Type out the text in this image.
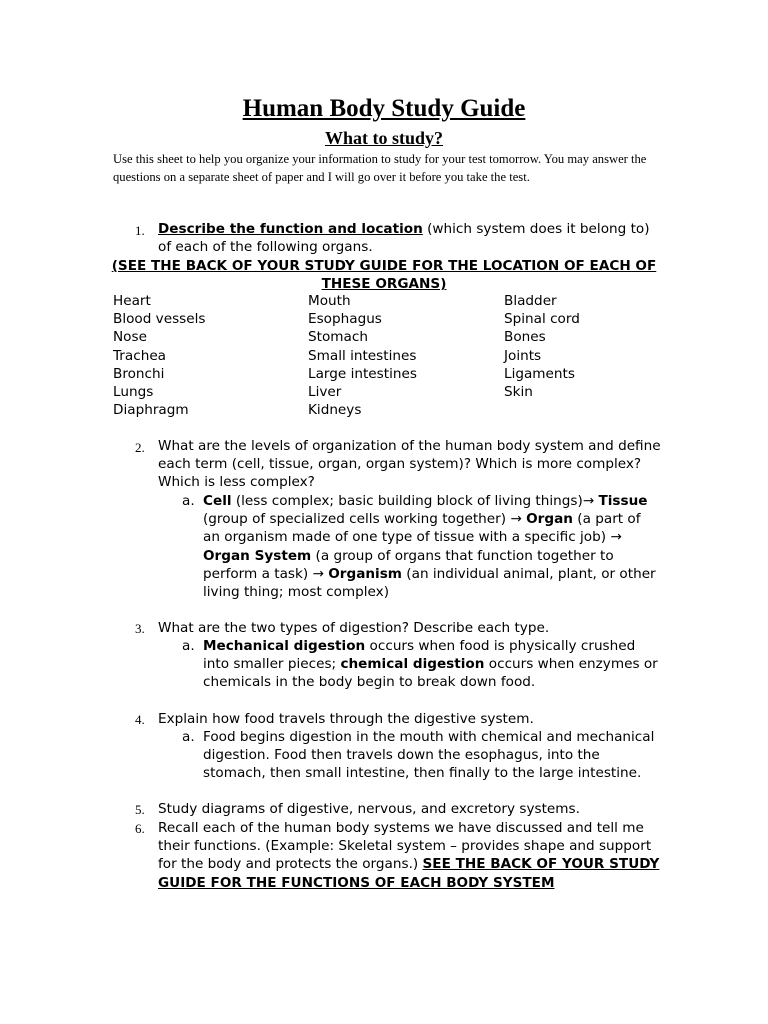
Human Body Study Guide
What to study?

Use this sheet to help you organize your information to study for your test tomorrow. You may answer the questions on a separate sheet of paper and I will go over it before you take the test.

1. Describe the function and location (which system does it belong to) of each of the following organs.
(SEE THE BACK OF YOUR STUDY GUIDE FOR THE LOCATION OF EACH OF THESE ORGANS)
Heart
Blood vessels
Nose
Trachea
Bronchi
Lungs
Diaphragm
Mouth
Esophagus
Stomach
Small intestines
Large intestines
Liver
Kidneys
Bladder
Spinal cord
Bones
Joints
Ligaments
Skin
2. What are the levels of organization of the human body system and define each term (cell, tissue, organ, organ system)? Which is more complex? Which is less complex?
a. Cell (less complex; basic building block of living things)→ Tissue (group of specialized cells working together) → Organ (a part of an organism made of one type of tissue with a specific job) → Organ System (a group of organs that function together to perform a task) → Organism (an individual animal, plant, or other living thing; most complex)
3. What are the two types of digestion? Describe each type.
a. Mechanical digestion occurs when food is physically crushed into smaller pieces; chemical digestion occurs when enzymes or chemicals in the body begin to break down food.
4. Explain how food travels through the digestive system.
a. Food begins digestion in the mouth with chemical and mechanical digestion. Food then travels down the esophagus, into the stomach, then small intestine, then finally to the large intestine.
5. Study diagrams of digestive, nervous, and excretory systems.
6. Recall each of the human body systems we have discussed and tell me their functions. (Example: Skeletal system – provides shape and support for the body and protects the organs.) SEE THE BACK OF YOUR STUDY GUIDE FOR THE FUNCTIONS OF EACH BODY SYSTEM
